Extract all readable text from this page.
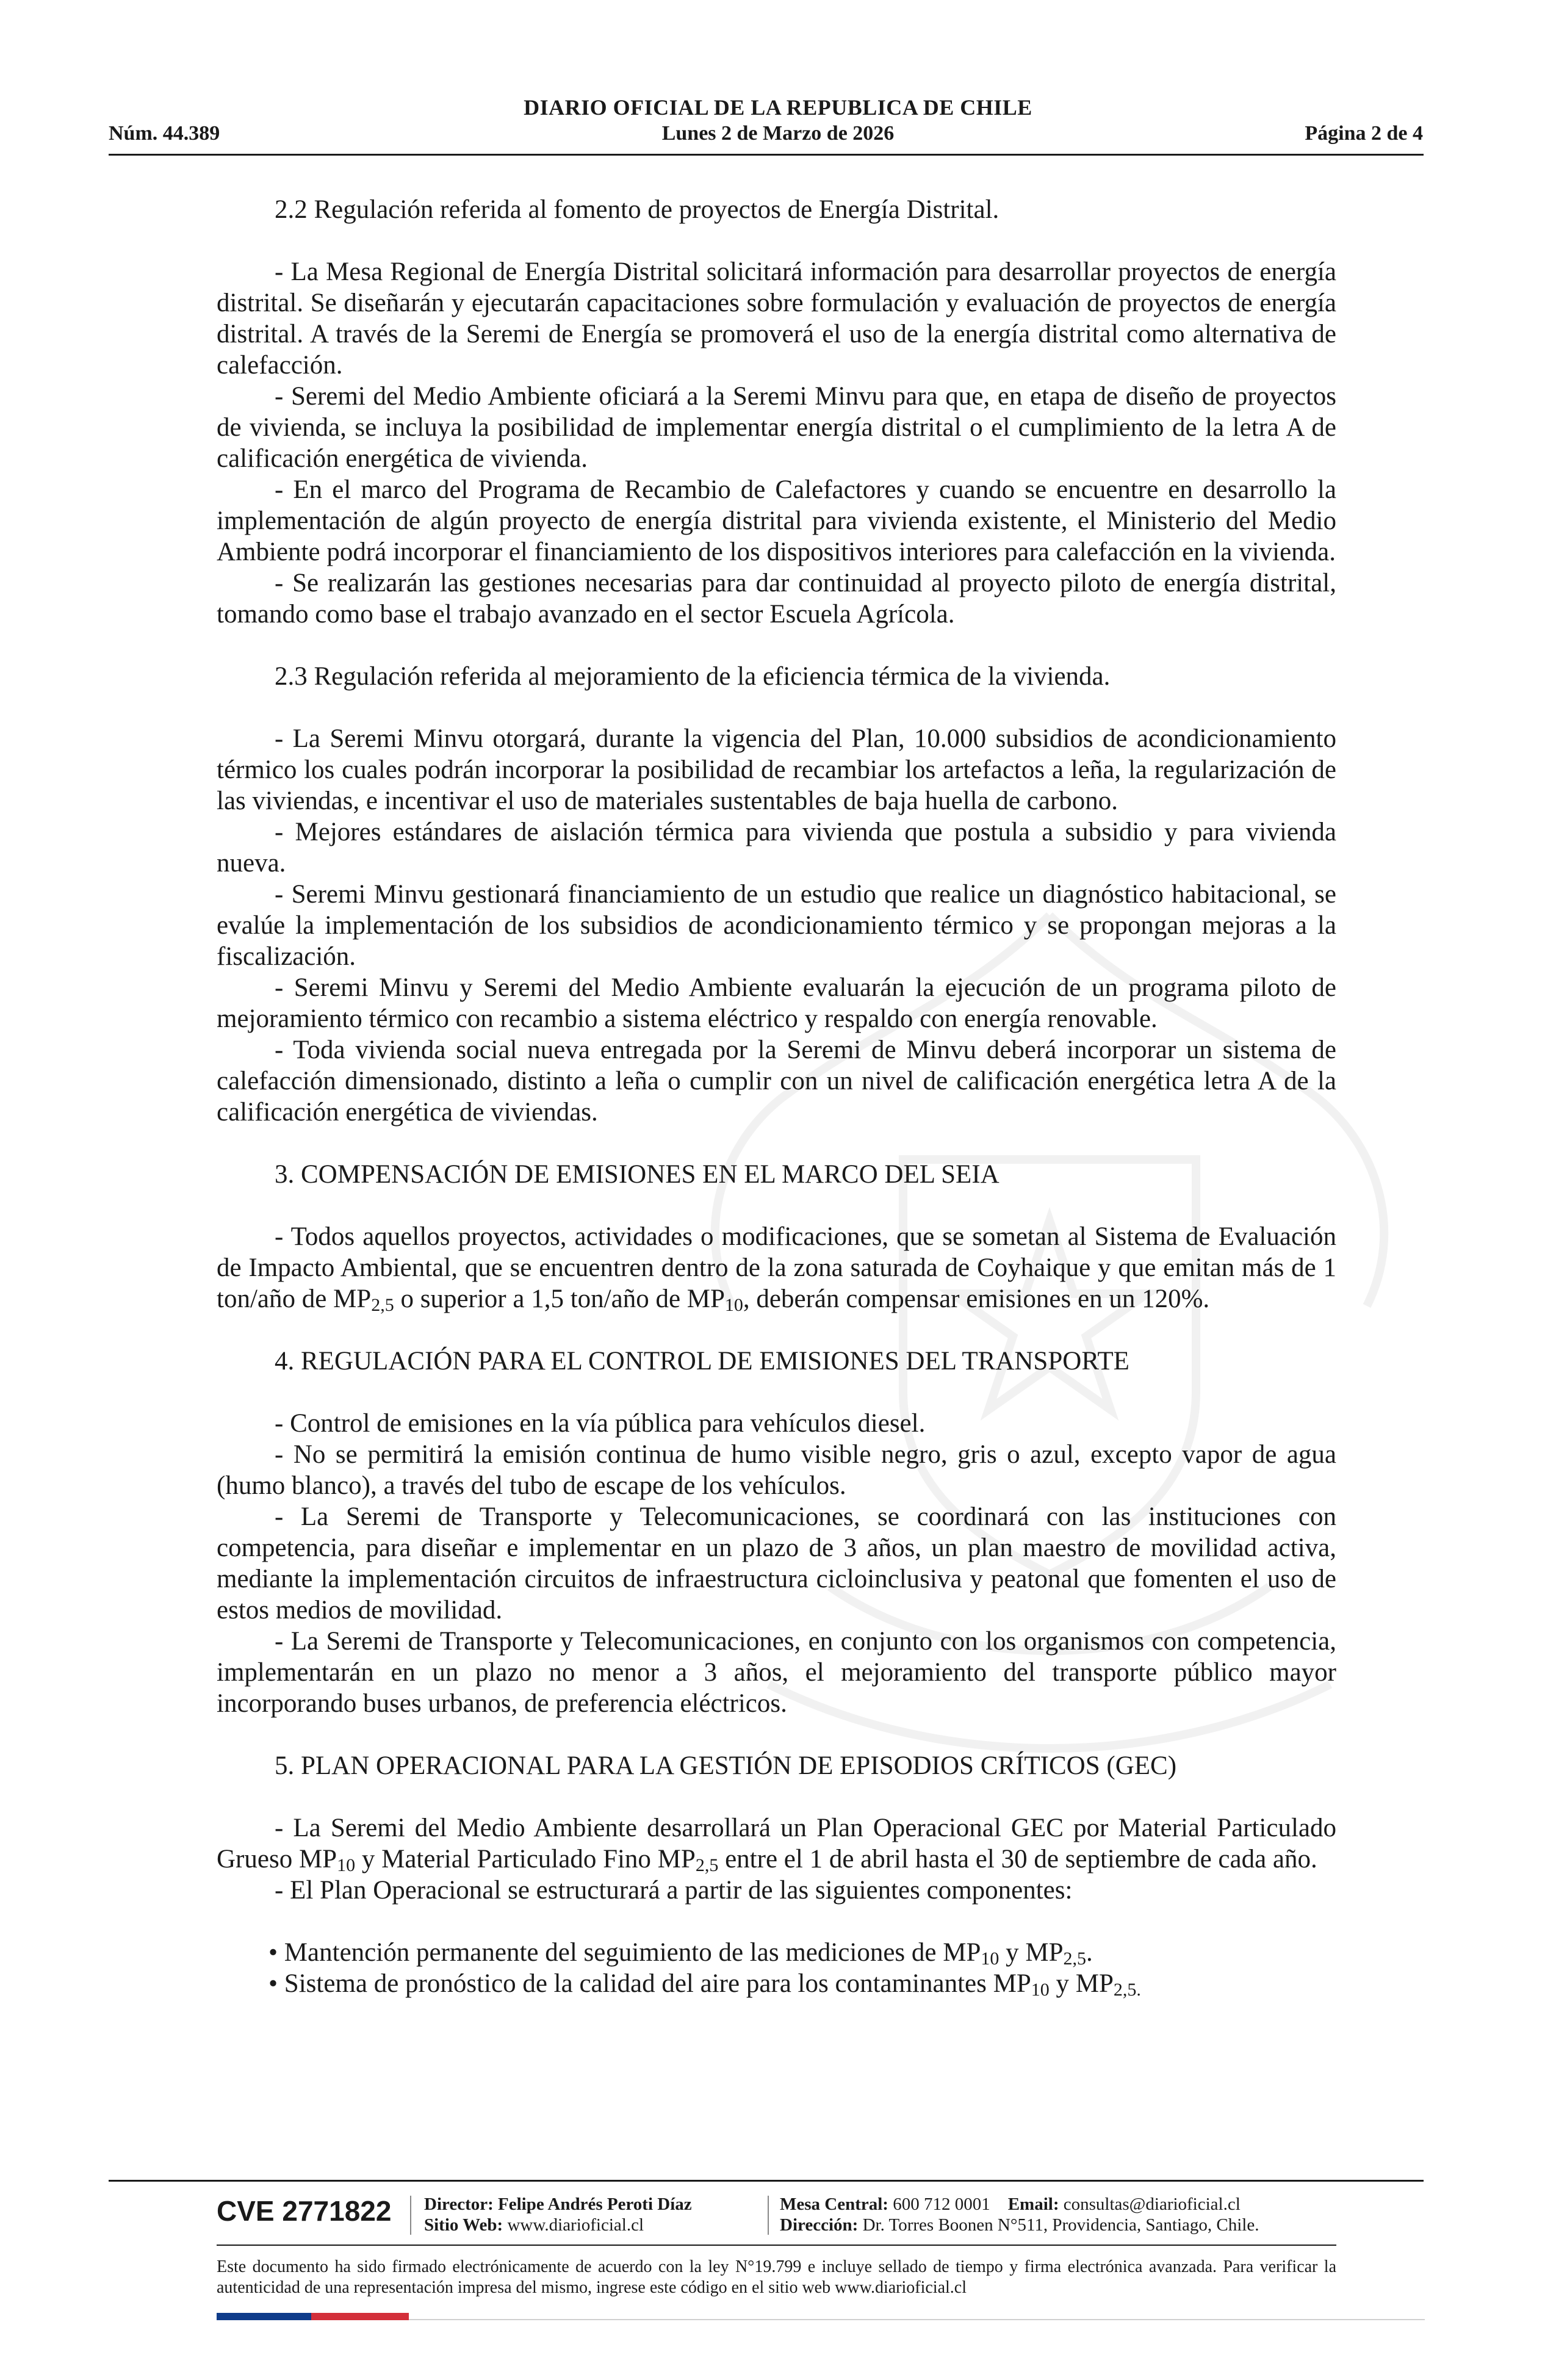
DIARIO OFICIAL DE LA REPUBLICA DE CHILE
Núm. 44.389	Lunes 2 de Marzo de 2026	Página 2 de 4

2.2 Regulación referida al fomento de proyectos de Energía Distrital.

- La Mesa Regional de Energía Distrital solicitará información para desarrollar proyectos de energía distrital. Se diseñarán y ejecutarán capacitaciones sobre formulación y evaluación de proyectos de energía distrital. A través de la Seremi de Energía se promoverá el uso de la energía distrital como alternativa de calefacción.

- Seremi del Medio Ambiente oficiará a la Seremi Minvu para que, en etapa de diseño de proyectos de vivienda, se incluya la posibilidad de implementar energía distrital o el cumplimiento de la letra A de calificación energética de vivienda.

- En el marco del Programa de Recambio de Calefactores y cuando se encuentre en desarrollo la implementación de algún proyecto de energía distrital para vivienda existente, el Ministerio del Medio Ambiente podrá incorporar el financiamiento de los dispositivos interiores para calefacción en la vivienda.

- Se realizarán las gestiones necesarias para dar continuidad al proyecto piloto de energía distrital, tomando como base el trabajo avanzado en el sector Escuela Agrícola.

2.3 Regulación referida al mejoramiento de la eficiencia térmica de la vivienda.

- La Seremi Minvu otorgará, durante la vigencia del Plan, 10.000 subsidios de acondicionamiento térmico los cuales podrán incorporar la posibilidad de recambiar los artefactos a leña, la regularización de las viviendas, e incentivar el uso de materiales sustentables de baja huella de carbono.

- Mejores estándares de aislación térmica para vivienda que postula a subsidio y para vivienda nueva.

- Seremi Minvu gestionará financiamiento de un estudio que realice un diagnóstico habitacional, se evalúe la implementación de los subsidios de acondicionamiento térmico y se propongan mejoras a la fiscalización.

- Seremi Minvu y Seremi del Medio Ambiente evaluarán la ejecución de un programa piloto de mejoramiento térmico con recambio a sistema eléctrico y respaldo con energía renovable.

- Toda vivienda social nueva entregada por la Seremi de Minvu deberá incorporar un sistema de calefacción dimensionado, distinto a leña o cumplir con un nivel de calificación energética letra A de la calificación energética de viviendas.

3. COMPENSACIÓN DE EMISIONES EN EL MARCO DEL SEIA

- Todos aquellos proyectos, actividades o modificaciones, que se sometan al Sistema de Evaluación de Impacto Ambiental, que se encuentren dentro de la zona saturada de Coyhaique y que emitan más de 1 ton/año de $MP_{2,5}$ o superior a 1,5 ton/año de $MP_{10}$, deberán compensar emisiones en un 120%.

4. REGULACIÓN PARA EL CONTROL DE EMISIONES DEL TRANSPORTE

- Control de emisiones en la vía pública para vehículos diesel.

- No se permitirá la emisión continua de humo visible negro, gris o azul, excepto vapor de agua (humo blanco), a través del tubo de escape de los vehículos.

- La Seremi de Transporte y Telecomunicaciones, se coordinará con las instituciones con competencia, para diseñar e implementar en un plazo de 3 años, un plan maestro de movilidad activa, mediante la implementación circuitos de infraestructura cicloinclusiva y peatonal que fomenten el uso de estos medios de movilidad.

- La Seremi de Transporte y Telecomunicaciones, en conjunto con los organismos con competencia, implementarán en un plazo no menor a 3 años, el mejoramiento del transporte público mayor incorporando buses urbanos, de preferencia eléctricos.

5. PLAN OPERACIONAL PARA LA GESTIÓN DE EPISODIOS CRÍTICOS (GEC)

- La Seremi del Medio Ambiente desarrollará un Plan Operacional GEC por Material Particulado Grueso $MP_{10}$ y Material Particulado Fino $MP_{2,5}$ entre el 1 de abril hasta el 30 de septiembre de cada año.

- El Plan Operacional se estructurará a partir de las siguientes componentes:

• Mantención permanente del seguimiento de las mediciones de $MP_{10}$ y $MP_{2,5}$.

• Sistema de pronóstico de la calidad del aire para los contaminantes $MP_{10}$ y $MP_{2,5.}$

CVE 2771822 Director: Felipe Andrés Peroti Díaz
Sitio Web: www.diarioficial.cl
Mesa Central: 600 712 0001 Email: consultas@diarioficial.cl
Dirección: Dr. Torres Boonen N°511, Providencia, Santiago, Chile.
Este documento ha sido firmado electrónicamente de acuerdo con la ley N°19.799 e incluye sellado de tiempo y firma electrónica avanzada. Para verificar la autenticidad de una representación impresa del mismo, ingrese este código en el sitio web www.diarioficial.cl
